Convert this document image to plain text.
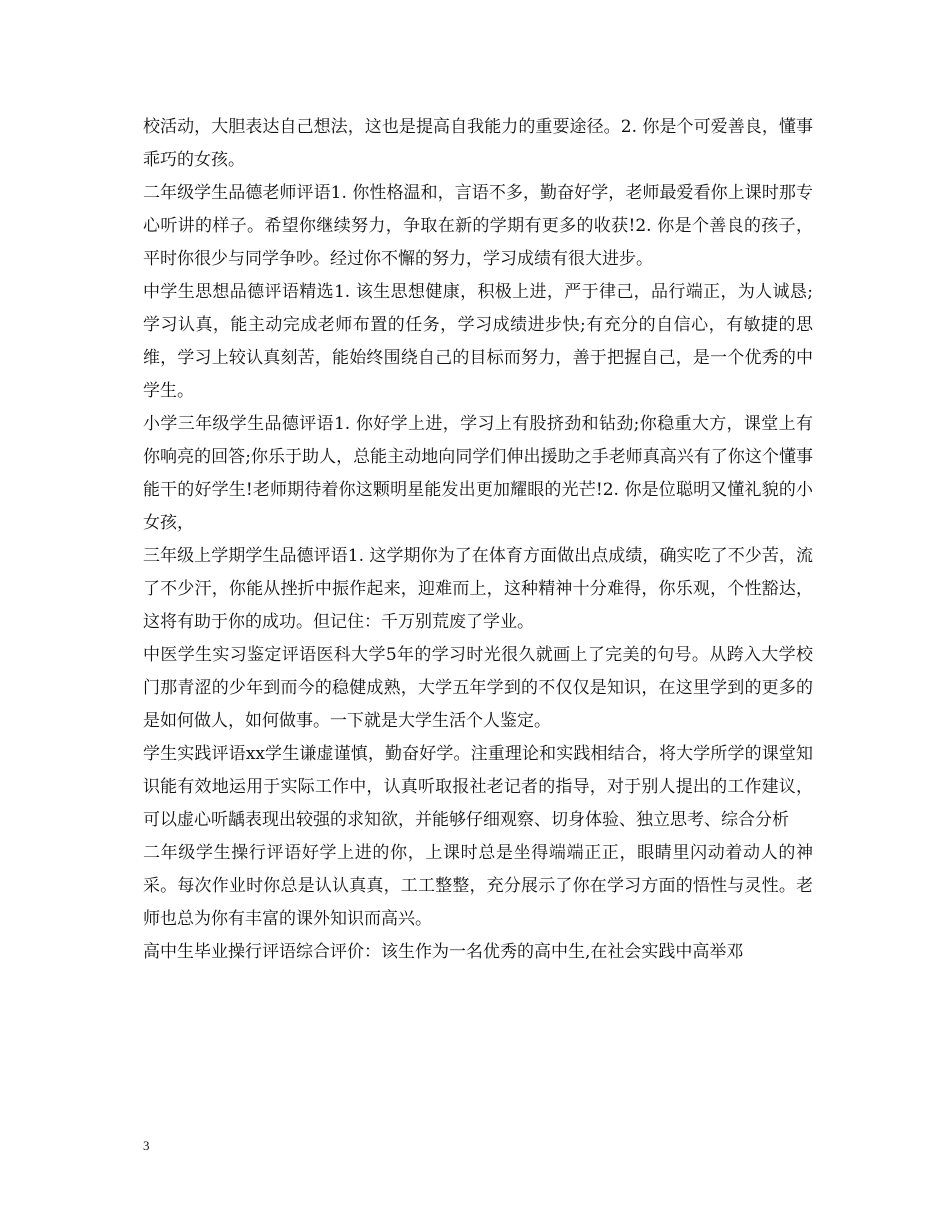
校活动，大胆表达自己想法，这也是提高自我能力的重要途径。2. 你是个可爱善良，懂事乖巧的女孩。

二年级学生品德老师评语1. 你性格温和，言语不多，勤奋好学，老师最爱看你上课时那专心听讲的样子。希望你继续努力，争取在新的学期有更多的收获!2. 你是个善良的孩子，平时你很少与同学争吵。经过你不懈的努力，学习成绩有很大进步。

中学生思想品德评语精选1. 该生思想健康，积极上进，严于律己，品行端正，为人诚恳;学习认真，能主动完成老师布置的任务，学习成绩进步快;有充分的自信心，有敏捷的思维，学习上较认真刻苦，能始终围绕自己的目标而努力，善于把握自己，是一个优秀的中学生。

小学三年级学生品德评语1. 你好学上进，学习上有股挤劲和钻劲;你稳重大方，课堂上有你响亮的回答;你乐于助人，总能主动地向同学们伸出援助之手老师真高兴有了你这个懂事能干的好学生!老师期待着你这颗明星能发出更加耀眼的光芒!2. 你是位聪明又懂礼貌的小女孩，

三年级上学期学生品德评语1. 这学期你为了在体育方面做出点成绩，确实吃了不少苦，流了不少汗，你能从挫折中振作起来，迎难而上，这种精神十分难得，你乐观，个性豁达，这将有助于你的成功。但记住：千万别荒废了学业。

中医学生实习鉴定评语医科大学5年的学习时光很久就画上了完美的句号。从跨入大学校门那青涩的少年到而今的稳健成熟，大学五年学到的不仅仅是知识，在这里学到的更多的是如何做人，如何做事。一下就是大学生活个人鉴定。

学生实践评语xx学生谦虚谨慎，勤奋好学。注重理论和实践相结合，将大学所学的课堂知识能有效地运用于实际工作中，认真听取报社老记者的指导，对于别人提出的工作建议，可以虚心听龋表现出较强的求知欲，并能够仔细观察、切身体验、独立思考、综合分析

二年级学生操行评语好学上进的你，上课时总是坐得端端正正，眼睛里闪动着动人的神采。每次作业时你总是认认真真，工工整整，充分展示了你在学习方面的悟性与灵性。老师也总为你有丰富的课外知识而高兴。

高中生毕业操行评语综合评价：该生作为一名优秀的高中生,在社会实践中高举邓

3
